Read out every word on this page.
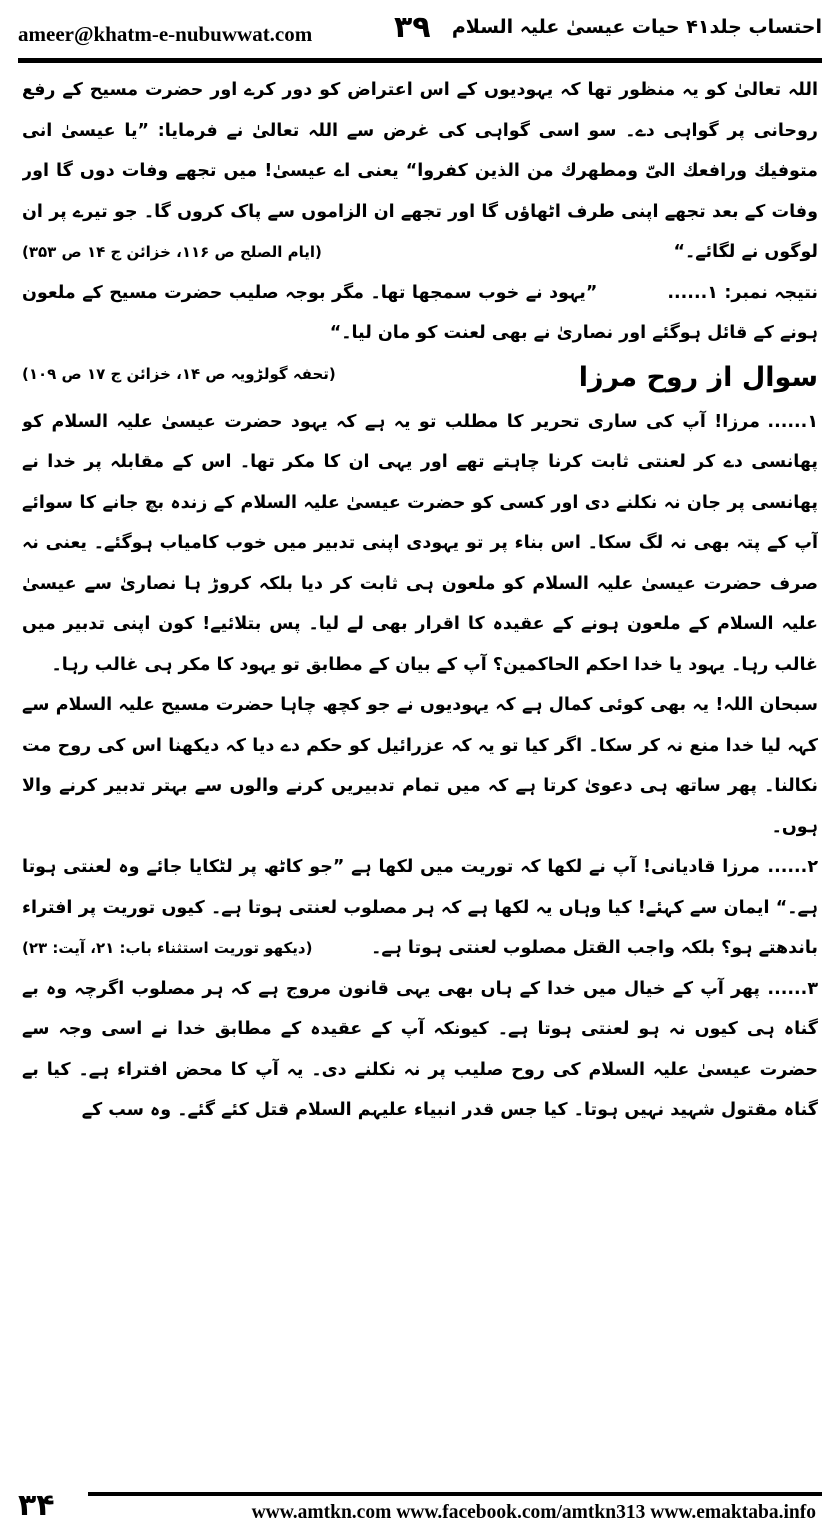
ameer@khatm-e-nubuwwat.com	۳۹ احتساب جلد۴۱ حیات عیسیٰ علیہ السلام

اللہ تعالیٰ کو یہ منظور تھا کہ یہودیوں کے اس اعتراض کو دور کرے اور حضرت مسیح کے رفع روحانی پر گواہی دے۔ سو اسی گواہی کی غرض سے اللہ تعالیٰ نے فرمایا: ”یا عیسیٰ انی متوفیك ورافعك الیّ ومطهرك من الذین كفروا“ یعنی اے عیسیٰ! میں تجھے وفات دوں گا اور وفات کے بعد تجھے اپنی طرف اٹھاؤں گا اور تجھے ان الزاموں سے پاک کروں گا۔ جو تیرے پر ان لوگوں نے لگائے۔“
(ایام الصلح ص ۱۱۶، خزائن ج ۱۴ ص ۳۵۳)

نتیجہ نمبر: ۱......”یہود نے خوب سمجھا تھا۔ مگر بوجہ صلیب حضرت مسیح کے ملعون ہونے کے قائل ہوگئے اور نصاریٰ نے بھی لعنت کو مان لیا۔“
(تحفہ گولڑویہ ص ۱۴، خزائن ج ۱۷ ص ۱۰۹)	سوال از روح مرزا

۱......مرزا! آپ کی ساری تحریر کا مطلب تو یہ ہے کہ یہود حضرت عیسیٰ علیہ السلام کو پھانسی دے کر لعنتی ثابت کرنا چاہتے تھے اور یہی ان کا مکر تھا۔ اس کے مقابلہ پر خدا نے پھانسی پر جان نہ نکلنے دی اور کسی کو حضرت عیسیٰ علیہ السلام کے زندہ بچ جانے کا سوائے آپ کے پتہ بھی نہ لگ سکا۔ اس بناء پر تو یہودی اپنی تدبیر میں خوب کامیاب ہوگئے۔ یعنی نہ صرف حضرت عیسیٰ علیہ السلام کو ملعون ہی ثابت کر دیا بلکہ کروڑ ہا نصاریٰ سے عیسیٰ علیہ السلام کے ملعون ہونے کے عقیدہ کا اقرار بھی لے لیا۔ پس بتلائیے! کون اپنی تدبیر میں غالب رہا۔ یہود یا خدا احکم الحاکمین؟ آپ کے بیان کے مطابق تو یہود کا مکر ہی غالب رہا۔

سبحان اللہ! یہ بھی کوئی کمال ہے کہ یہودیوں نے جو کچھ چاہا حضرت مسیح علیہ السلام سے کہہ لیا خدا منع نہ کر سکا۔ اگر کیا تو یہ کہ عزرائیل کو حکم دے دیا کہ دیکھنا اس کی روح مت نکالنا۔ پھر ساتھ ہی دعویٰ کرتا ہے کہ میں تمام تدبیریں کرنے والوں سے بہتر تدبیر کرنے والا ہوں۔

۲......مرزا قادیانی! آپ نے لکھا کہ توریت میں لکھا ہے ”جو کاٹھ پر لٹکایا جائے وہ لعنتی ہوتا ہے۔“ ایمان سے کہئے! کیا وہاں یہ لکھا ہے کہ ہر مصلوب لعنتی ہوتا ہے۔ کیوں توریت پر افتراء باندھتے ہو؟ بلکہ واجب القتل مصلوب لعنتی ہوتا ہے۔
(دیکھو توریت استثناء باب: ۲۱، آیت: ۲۳)

۳......پھر آپ کے خیال میں خدا کے ہاں بھی یہی قانون مروج ہے کہ ہر مصلوب اگرچہ وہ بے گناہ ہی کیوں نہ ہو لعنتی ہوتا ہے۔ کیونکہ آپ کے عقیدہ کے مطابق خدا نے اسی وجہ سے حضرت عیسیٰ علیہ السلام کی روح صلیب پر نہ نکلنے دی۔ یہ آپ کا محض افتراء ہے۔ کیا بے گناہ مقتول شہید نہیں ہوتا۔ کیا جس قدر انبیاء علیہم السلام قتل کئے گئے۔ وہ سب کے

۳۴	www.amtkn.com www.facebook.com/amtkn313 www.emaktaba.info
